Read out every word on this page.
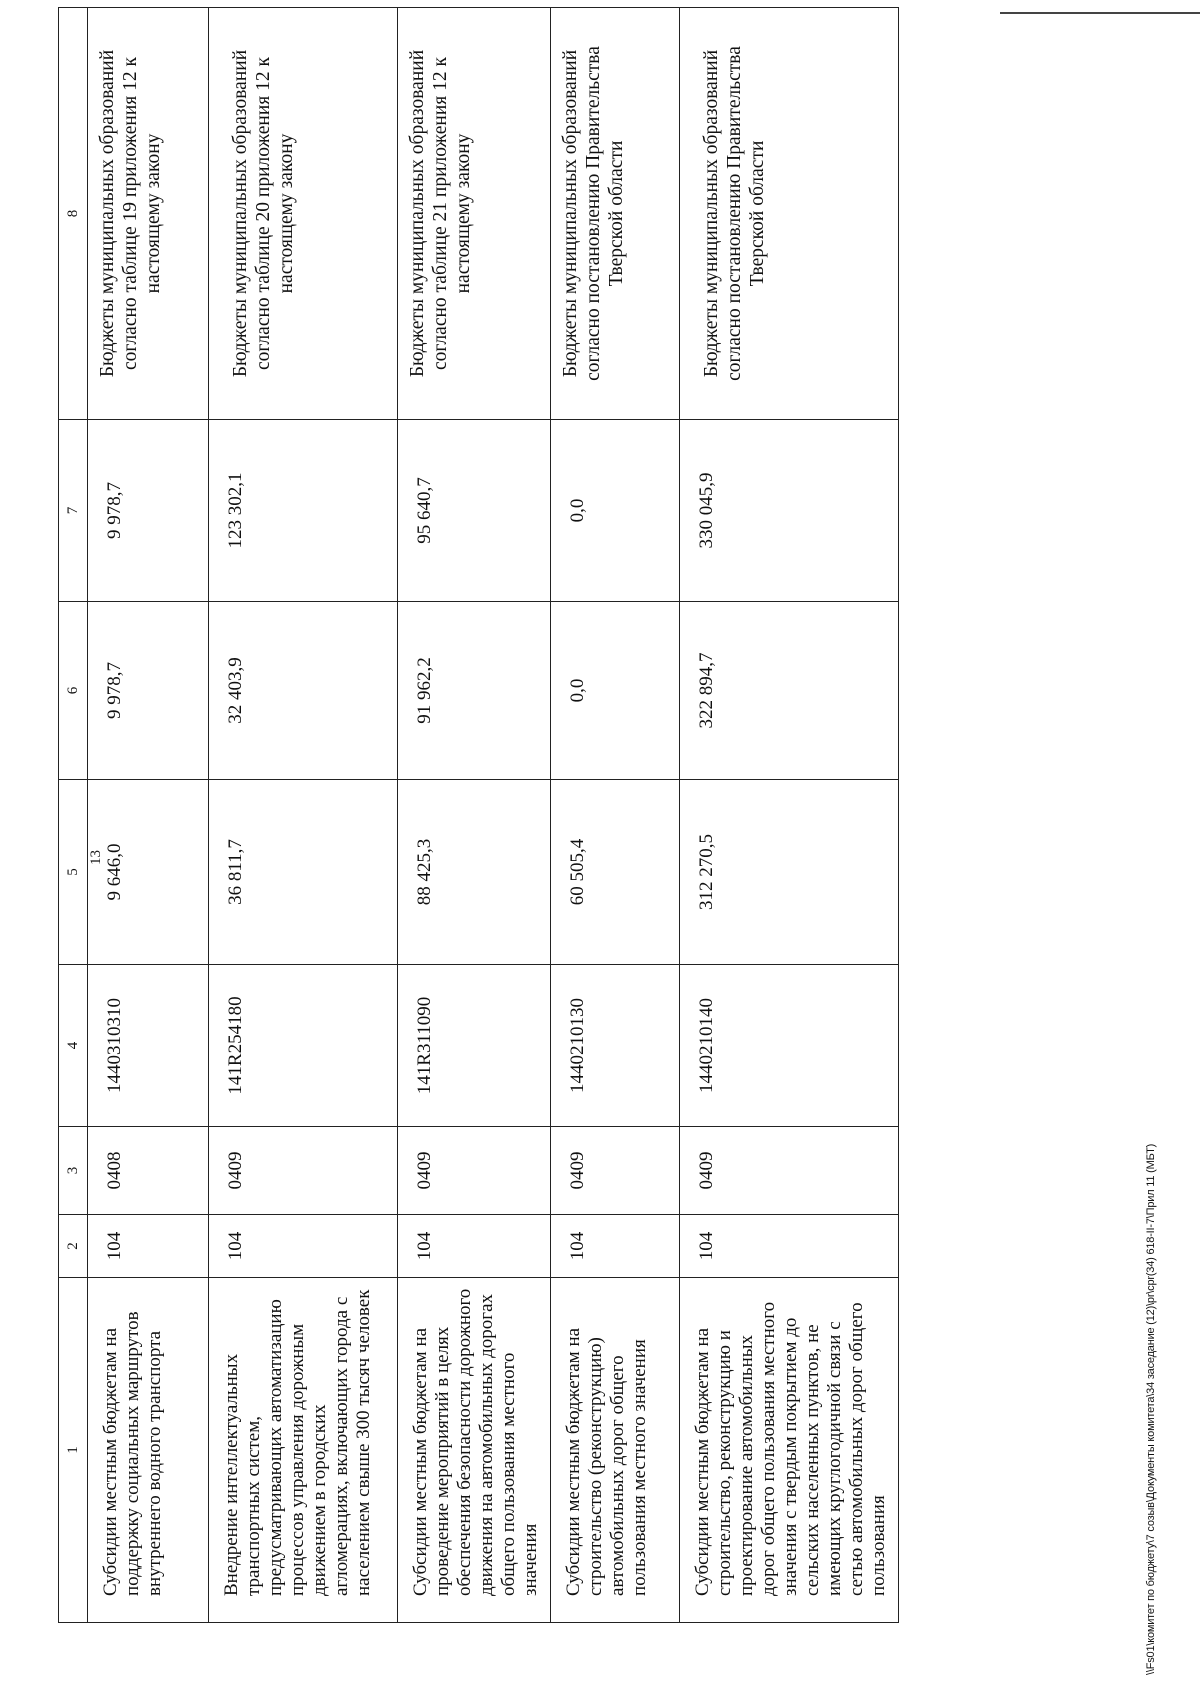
13
1	2	3	4	5	6	7	8
Субсидии местным бюджетам на поддержку социальных маршрутов внутреннего водного транспорта	104	0408	1440310310	9 646,0	9 978,7	9 978,7	Бюджеты муниципальных образований согласно таблице 19 приложения 12 к настоящему закону
Внедрение интеллектуальных транспортных систем, предусматривающих автоматизацию процессов управления дорожным движением в городских агломерациях, включающих города с населением свыше 300 тысяч человек	104	0409	141R254180	36 811,7	32 403,9	123 302,1	Бюджеты муниципальных образований согласно таблице 20 приложения 12 к настоящему закону
Субсидии местным бюджетам на проведение мероприятий в целях обеспечения безопасности дорожного движения на автомобильных дорогах общего пользования местного значения	104	0409	141R311090	88 425,3	91 962,2	95 640,7	Бюджеты муниципальных образований согласно таблице 21 приложения 12 к настоящему закону
Субсидии местным бюджетам на строительство (реконструкцию) автомобильных дорог общего пользования местного значения	104	0409	1440210130	60 505,4	0,0	0,0	Бюджеты муниципальных образований согласно постановлению Правительства Тверской области
Субсидии местным бюджетам на строительство, реконструкцию и проектирование автомобильных дорог общего пользования местного значения с твердым покрытием до сельских населенных пунктов, не имеющих круглогодичной связи с сетью автомобильных дорог общего пользования	104	0409	1440210140	312 270,5	322 894,7	330 045,9	Бюджеты муниципальных образований согласно постановлению Правительства Тверской области
\\Fs01\комитет по бюджету\7 созыв\Документы комитета\34 заседание (12)\pr\cpr(34) 618-II-7\Прил 11 (МБТ)
